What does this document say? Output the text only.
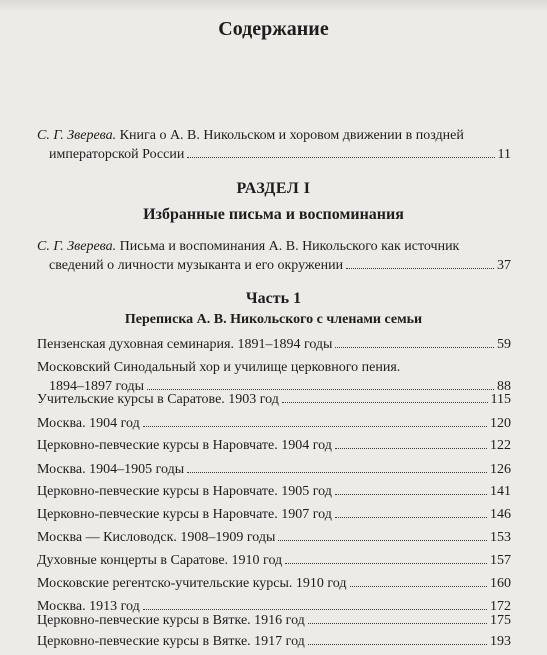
Содержание
С. Г. Зверева. Книга о А. В. Никольском и хоровом движении в поздней
императорской России	11
РАЗДЕЛ I
Избранные письма и воспоминания
С. Г. Зверева. Письма и воспоминания А. В. Никольского как источник
сведений о личности музыканта и его окружении	37
Часть 1
Переписка А. В. Никольского с членами семьи
Пензенская духовная семинария. 1891–1894 годы	59
Московский Синодальный хор и училище церковного пения.
1894–1897 годы	88
Учительские курсы в Саратове. 1903 год	115
Москва. 1904 год	120
Церковно-певческие курсы в Наровчате. 1904 год	122
Москва. 1904–1905 годы	126
Церковно-певческие курсы в Наровчате. 1905 год	141
Церковно-певческие курсы в Наровчате. 1907 год	146
Москва — Кисловодск. 1908–1909 годы	153
Духовные концерты в Саратове. 1910 год	157
Московские регентско-учительские курсы. 1910 год	160
Москва. 1913 год	172
Церковно-певческие курсы в Вятке. 1916 год	175
Церковно-певческие курсы в Вятке. 1917 год	193
